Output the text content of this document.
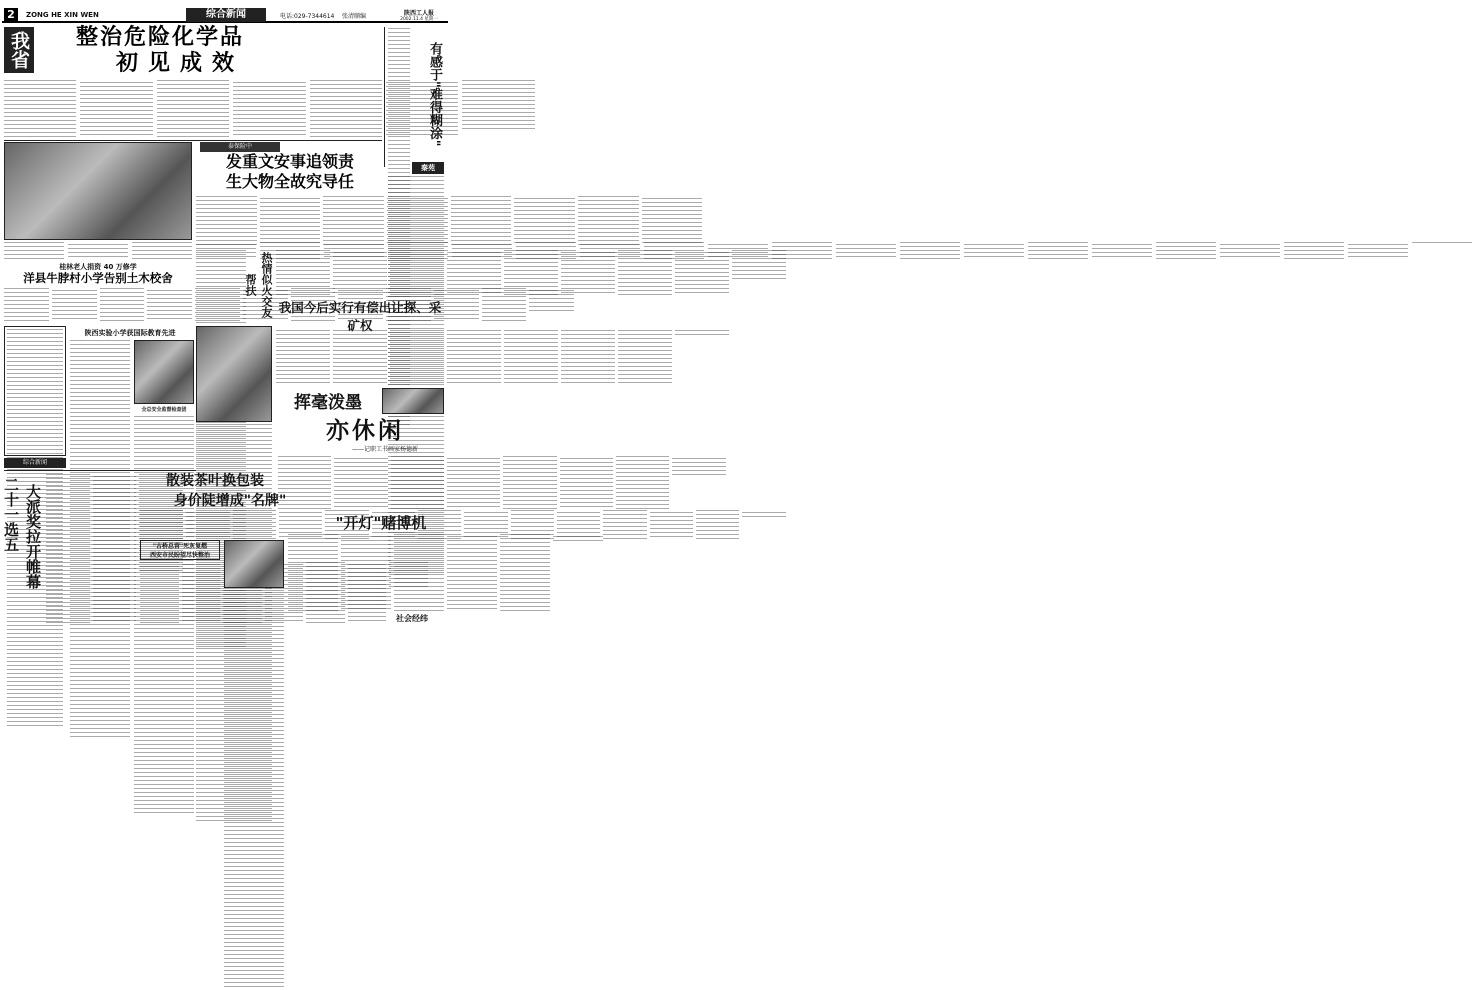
2	ZONG HE XIN WEN	综合新闻	电话:029-7344614 张清顺编	陕西工人报
2002.11.4 星期一
我省	整治危险化学品
初见成效	有感于"难得糊涂"
秦苑
泰保险中
发重文安事追领责
生大物全故究导任
桂林老人捐资 40 万修学
洋县牛脖村小学告别土木校舍
我国今后实行有偿出让探、采矿权
热情似火交友帮扶
综合新闻
陕西实验小学获国际教育先进
全总安全监督检查团	挥毫泼墨
亦休闲
——记职工书画家杨德新
二十一选五 大派奖拉开帷幕
散装茶叶换包装
身价陡增成"名牌"
"古桥总营"死灰复燃
西安市民盼望尽快整治
"开灯"赌博机
社会经纬
